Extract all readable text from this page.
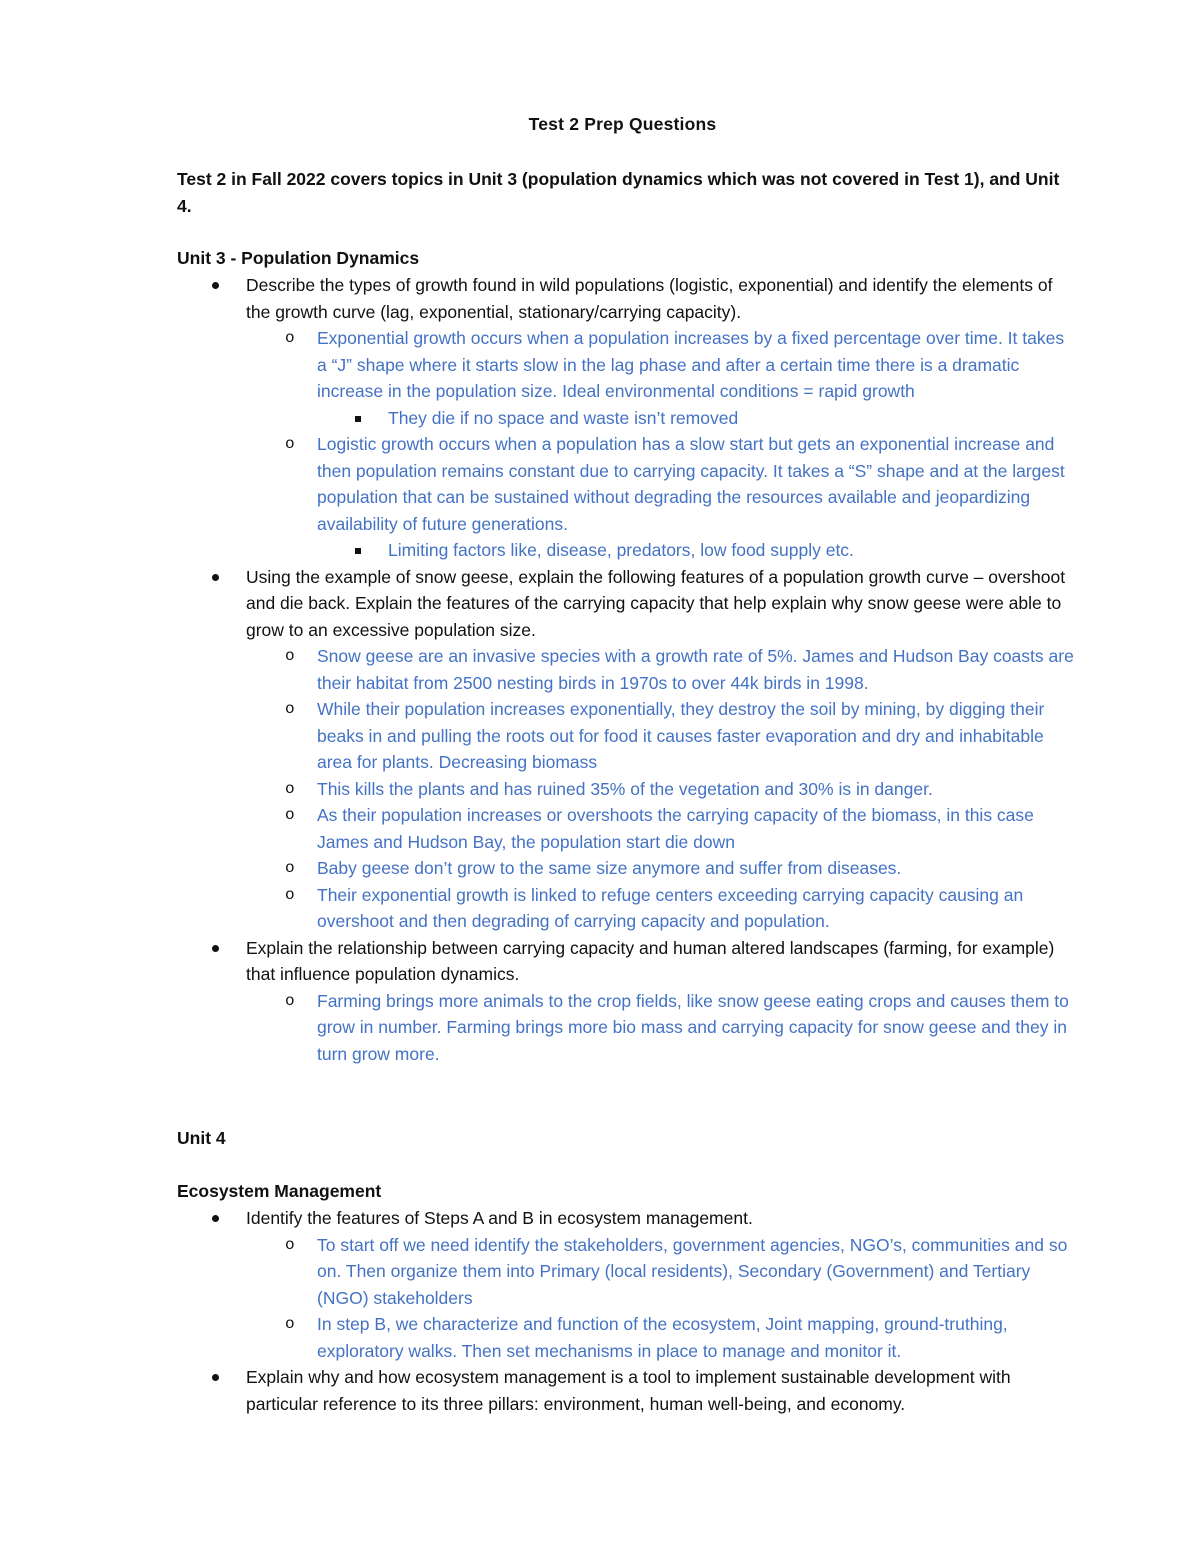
Test 2 Prep Questions
Test 2 in Fall 2022 covers topics in Unit 3 (population dynamics which was not covered in Test 1), and Unit 4.
Unit 3 - Population Dynamics
Describe the types of growth found in wild populations (logistic, exponential) and identify the elements of the growth curve (lag, exponential, stationary/carrying capacity).
o Exponential growth occurs when a population increases by a fixed percentage over time. It takes a “J” shape where it starts slow in the lag phase and after a certain time there is a dramatic increase in the population size. Ideal environmental conditions = rapid growth
They die if no space and waste isn’t removed
o Logistic growth occurs when a population has a slow start but gets an exponential increase and then population remains constant due to carrying capacity. It takes a “S” shape and at the largest population that can be sustained without degrading the resources available and jeopardizing availability of future generations.
Limiting factors like, disease, predators, low food supply etc.
Using the example of snow geese, explain the following features of a population growth curve – overshoot and die back. Explain the features of the carrying capacity that help explain why snow geese were able to grow to an excessive population size.
o Snow geese are an invasive species with a growth rate of 5%. James and Hudson Bay coasts are their habitat from 2500 nesting birds in 1970s to over 44k birds in 1998.
o While their population increases exponentially, they destroy the soil by mining, by digging their beaks in and pulling the roots out for food it causes faster evaporation and dry and inhabitable area for plants. Decreasing biomass
o This kills the plants and has ruined 35% of the vegetation and 30% is in danger.
o As their population increases or overshoots the carrying capacity of the biomass, in this case James and Hudson Bay, the population start die down
o Baby geese don’t grow to the same size anymore and suffer from diseases.
o Their exponential growth is linked to refuge centers exceeding carrying capacity causing an overshoot and then degrading of carrying capacity and population.
Explain the relationship between carrying capacity and human altered landscapes (farming, for example) that influence population dynamics.
o Farming brings more animals to the crop fields, like snow geese eating crops and causes them to grow in number. Farming brings more bio mass and carrying capacity for snow geese and they in turn grow more.
Unit 4
Ecosystem Management
Identify the features of Steps A and B in ecosystem management.
o To start off we need identify the stakeholders, government agencies, NGO’s, communities and so on. Then organize them into Primary (local residents), Secondary (Government) and Tertiary (NGO) stakeholders
o In step B, we characterize and function of the ecosystem, Joint mapping, ground-truthing, exploratory walks. Then set mechanisms in place to manage and monitor it.
Explain why and how ecosystem management is a tool to implement sustainable development with particular reference to its three pillars: environment, human well-being, and economy.
